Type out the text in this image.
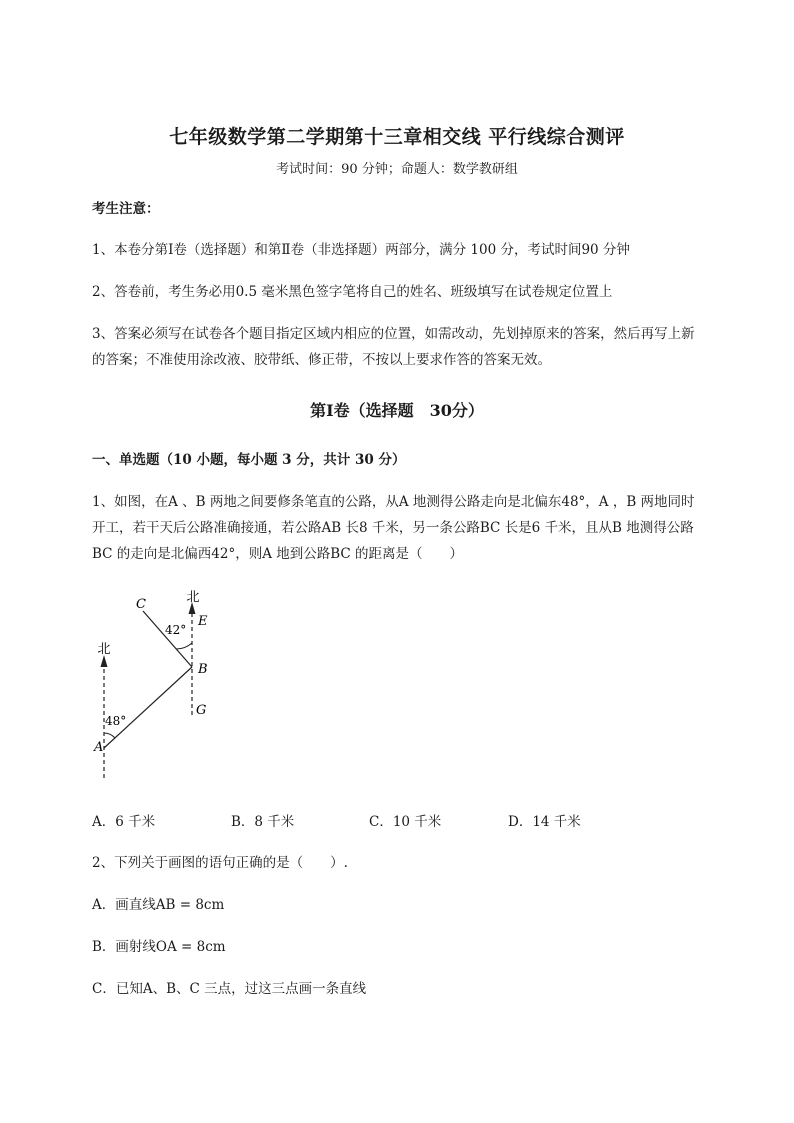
七年级数学第二学期第十三章相交线 平行线综合测评
考试时间：90 分钟；命题人：数学教研组
考生注意：
1、本卷分第Ⅰ卷（选择题）和第Ⅱ卷（非选择题）两部分，满分 100 分，考试时间90 分钟
2、答卷前，考生务必用0.5 毫米黑色签字笔将自己的姓名、班级填写在试卷规定位置上
3、答案必须写在试卷各个题目指定区域内相应的位置，如需改动，先划掉原来的答案，然后再写上新
的答案；不准使用涂改液、胶带纸、修正带，不按以上要求作答的答案无效。
第Ⅰ卷（选择题　30分）
一、单选题（10 小题，每小题 3 分，共计 30 分）
1、如图，在A 、B 两地之间要修条笔直的公路，从A 地测得公路走向是北偏东48°，A ，B 两地同时
开工，若干天后公路准确接通，若公路AB 长8 千米，另一条公路BC 长是6 千米，且从B 地测得公路
BC 的走向是北偏西42°，则A 地到公路BC 的距离是（　　）
C	北
E
42°
北
B
G
48°
A
A．6 千米	B．8 千米	C．10 千米	D．14 千米
2、下列关于画图的语句正确的是（　　）.
A．画直线AB = 8cm
B．画射线OA = 8cm
C．已知A、B、C 三点，过这三点画一条直线
